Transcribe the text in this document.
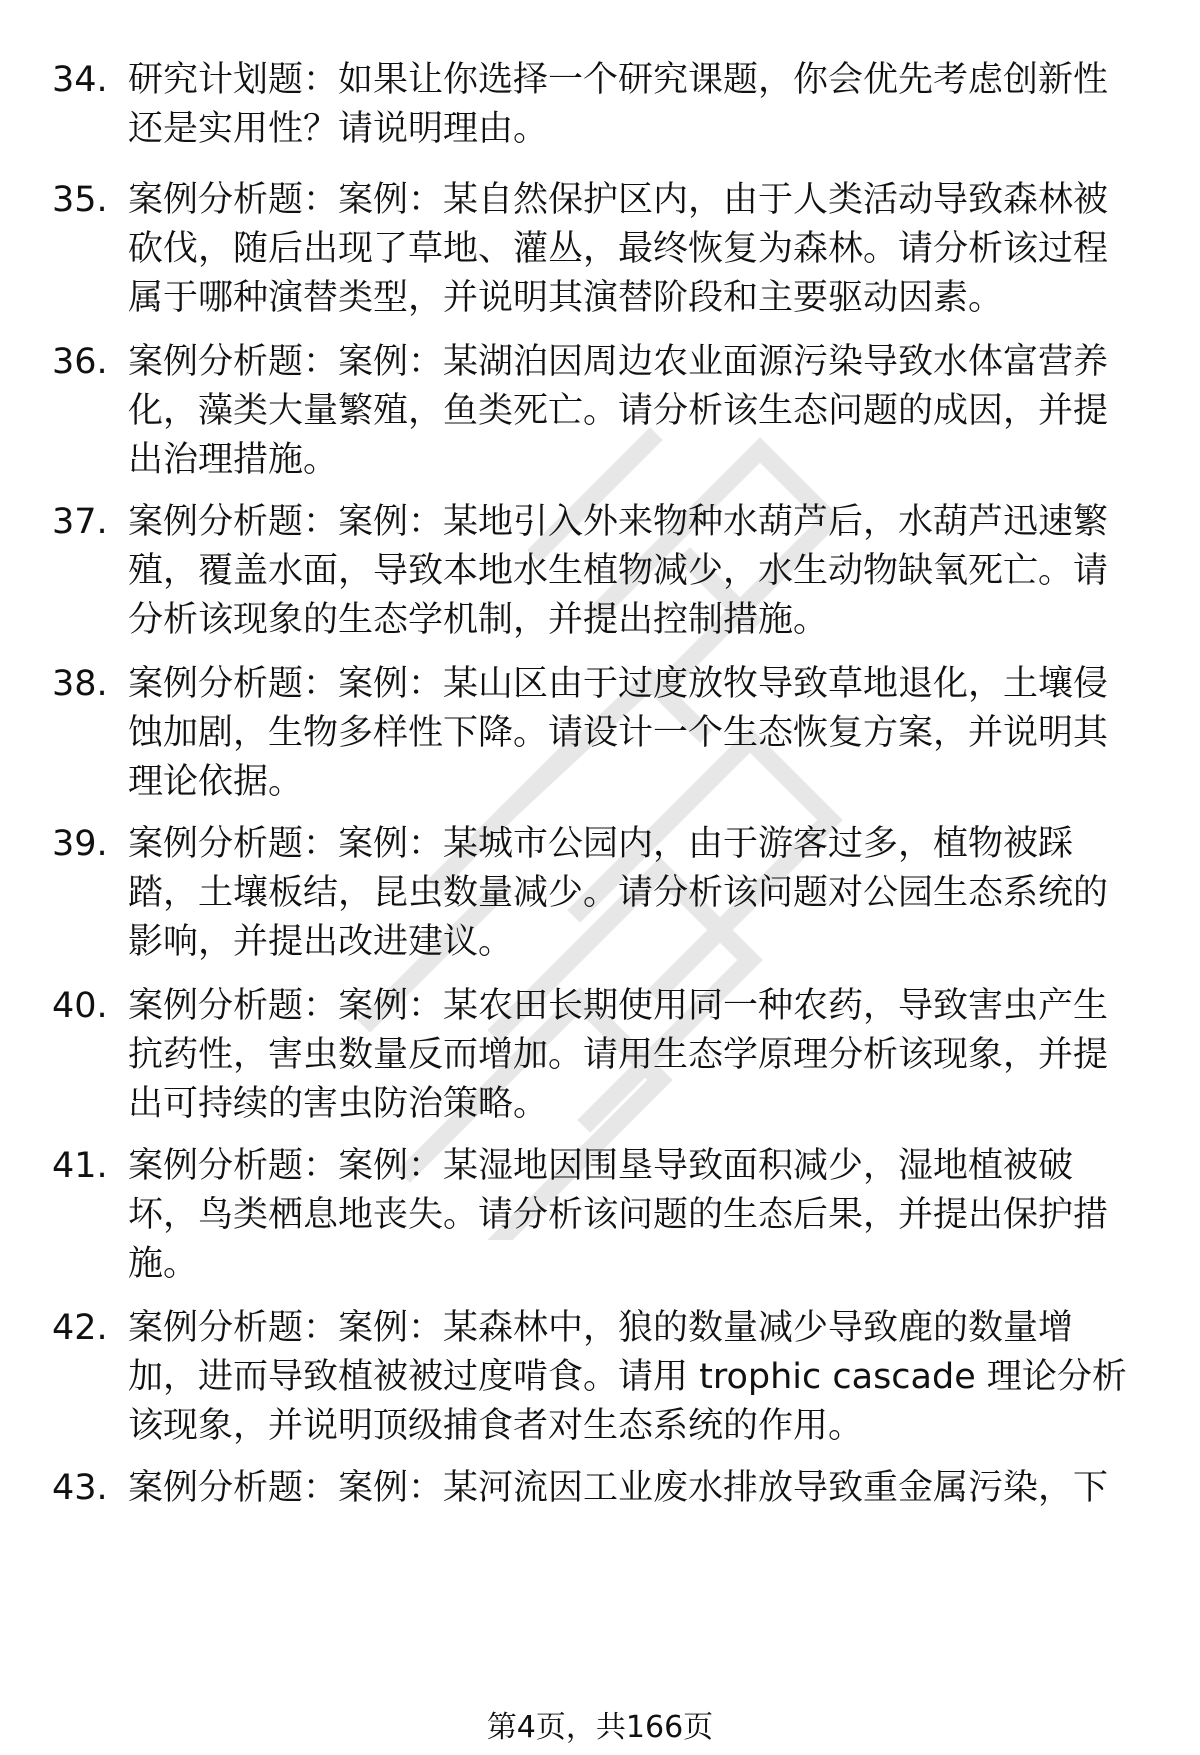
34. 研究计划题：如果让你选择一个研究课题，你会优先考虑创新性还是实用性？请说明理由。
35. 案例分析题：案例：某自然保护区内，由于人类活动导致森林被砍伐，随后出现了草地、灌丛，最终恢复为森林。请分析该过程属于哪种演替类型，并说明其演替阶段和主要驱动因素。
36. 案例分析题：案例：某湖泊因周边农业面源污染导致水体富营养化，藻类大量繁殖，鱼类死亡。请分析该生态问题的成因，并提出治理措施。
37. 案例分析题：案例：某地引入外来物种水葫芦后，水葫芦迅速繁殖，覆盖水面，导致本地水生植物减少，水生动物缺氧死亡。请分析该现象的生态学机制，并提出控制措施。
38. 案例分析题：案例：某山区由于过度放牧导致草地退化，土壤侵蚀加剧，生物多样性下降。请设计一个生态恢复方案，并说明其理论依据。
39. 案例分析题：案例：某城市公园内，由于游客过多，植物被踩踏，土壤板结，昆虫数量减少。请分析该问题对公园生态系统的影响，并提出改进建议。
40. 案例分析题：案例：某农田长期使用同一种农药，导致害虫产生抗药性，害虫数量反而增加。请用生态学原理分析该现象，并提出可持续的害虫防治策略。
41. 案例分析题：案例：某湿地因围垦导致面积减少，湿地植被破坏，鸟类栖息地丧失。请分析该问题的生态后果，并提出保护措施。
42. 案例分析题：案例：某森林中，狼的数量减少导致鹿的数量增加，进而导致植被被过度啃食。请用 trophic cascade 理论分析该现象，并说明顶级捕食者对生态系统的作用。
43. 案例分析题：案例：某河流因工业废水排放导致重金属污染，下
第4页，共166页
